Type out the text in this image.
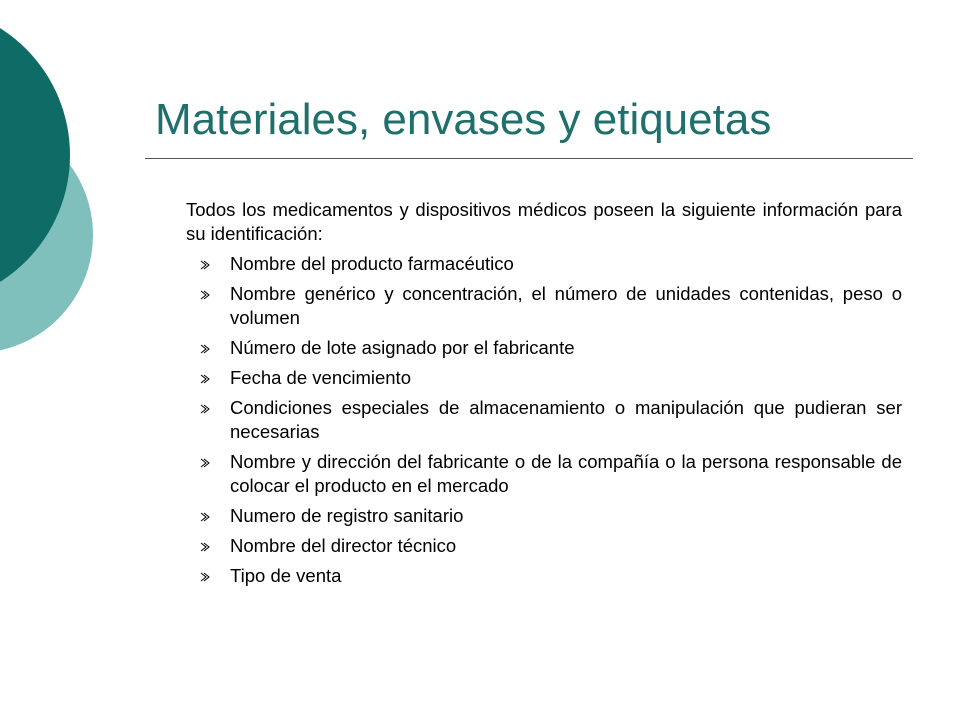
Materiales, envases y etiquetas

Todos los medicamentos y dispositivos médicos poseen la siguiente información para su identificación:

Nombre del producto farmacéutico
Nombre genérico y concentración, el número de unidades contenidas, peso o volumen
Número de lote asignado por el fabricante
Fecha de vencimiento
Condiciones especiales de almacenamiento o manipulación que pudieran ser necesarias
Nombre y dirección del fabricante o de la compañía o la persona responsable de colocar el producto en el mercado
Numero de registro sanitario
Nombre del director técnico
Tipo de venta
